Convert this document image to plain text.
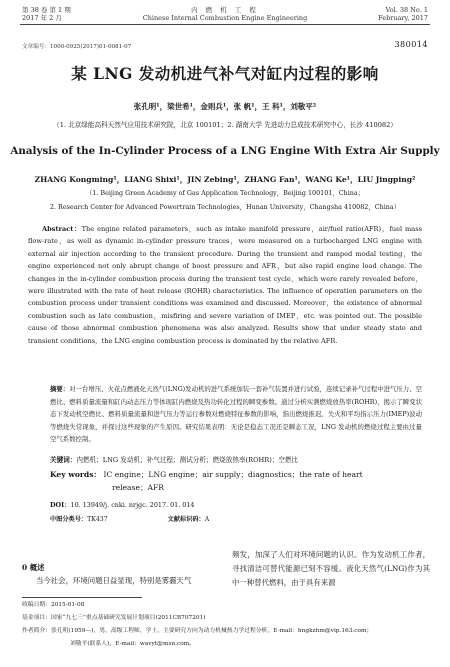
第 38 卷 第 1 期
2017 年 2 月
内 燃 机 工 程
Chinese Internal Combustion Engine Engineering
Vol. 38 No. 1
February, 2017
文章编号：1000-0925(2017)01-0081-07	380014
某 LNG 发动机进气补气对缸内过程的影响
张孔明¹，梁世希¹，金则兵¹，张 帆¹，王 科¹，刘敬平²
（1. 北京绿能高科天然气应用技术研究院，北京 100101；2. 湖南大学 先进动力总成技术研究中心，长沙 410082）
Analysis of the In-Cylinder Process of a LNG Engine With Extra Air Supply
ZHANG Kongming¹，LIANG Shixi¹，JIN Zebing¹，ZHANG Fan¹，WANG Ke¹，LIU Jingping²
（1. Beijing Green Academy of Gas Application Technology，Beijing 100101，China；
2. Research Center for Advanced Powertrain Technologies，Hunan University，Changsha 410082，China）
Abstract：The engine related parameters，such as intake manifold pressure，air/fuel ratio(AFR)，fuel mass flow-rate，as well as dynamic in-cylinder pressure traces，were measured on a turbocharged LNG engine with external air injection according to the transient procedure. During the transient and ramped modal testing，the engine experienced not only abrupt change of boost pressure and AFR，but also rapid engine load change. The changes in the in-cylinder combustion process during the transient test cycle，which were rarely revealed before，were illustrated with the rate of heat release (ROHR) characteristics. The influence of operation parameters on the combustion process under transient conditions was examined and discussed. Moreover，the existence of abnormal combustion such as late combustion，misfiring and severe variation of IMEP，etc. was pointed out. The possible cause of those abnormal combustion phenomena was also analyzed. Results show that under steady state and transient conditions，the LNG engine combustion process is dominated by the relative AFR.
摘要：对一台增压、火花点燃液化天然气(LNG)发动机的进气系统加装一套补气装置并进行试验，连续记录补气过程中进气压力、空燃比、燃料质量流量和缸内动态压力等体现缸内燃烧及热功转化过程的瞬变参数。通过分析实测燃烧放热率(ROHR)，揭示了瞬变状态下发动机空燃比、燃料质量流量和进气压力等运行参数对燃烧特征参数的影响，指出燃烧推迟、失火和平均指示压力(IMEP)波动等燃烧失常现象，并探讨这些现象的产生原因。研究结果表明：无论是稳态工况还是瞬态工况，LNG 发动机的燃烧过程主要由过量空气系数控制。
关键词：内燃机；LNG 发动机；补气过程；测试分析；燃烧放热率(ROHR)；空燃比
Key words： IC engine；LNG engine；air supply；diagnostics；the rate of heart
release；AFR
DOI：10. 13949/j. cnki. nrjgc. 2017. 01. 014
中图分类号：TK437	文献标识码：A
0 概述
当今社会，环境问题日益显现，特别是雾霾天气
频发，加深了人们对环境问题的认识。作为发动机工作者，寻找清洁可替代能源已刻不容缓。液化天然气(LNG)作为其中一种替代燃料，由于具有来源
收稿日期：2015-01-08
基金项目：国家“九七三”重点基础研究发展计划项目(2011CB707201)
作者简介：张孔明(1959—)，男，高级工程师，学士，主要研究方向为动力机械热力学过程分析，E-mail：hngkzhm@vip.163.com；
刘敬平(联系人)，E-mail：wavyt@msn.com。
